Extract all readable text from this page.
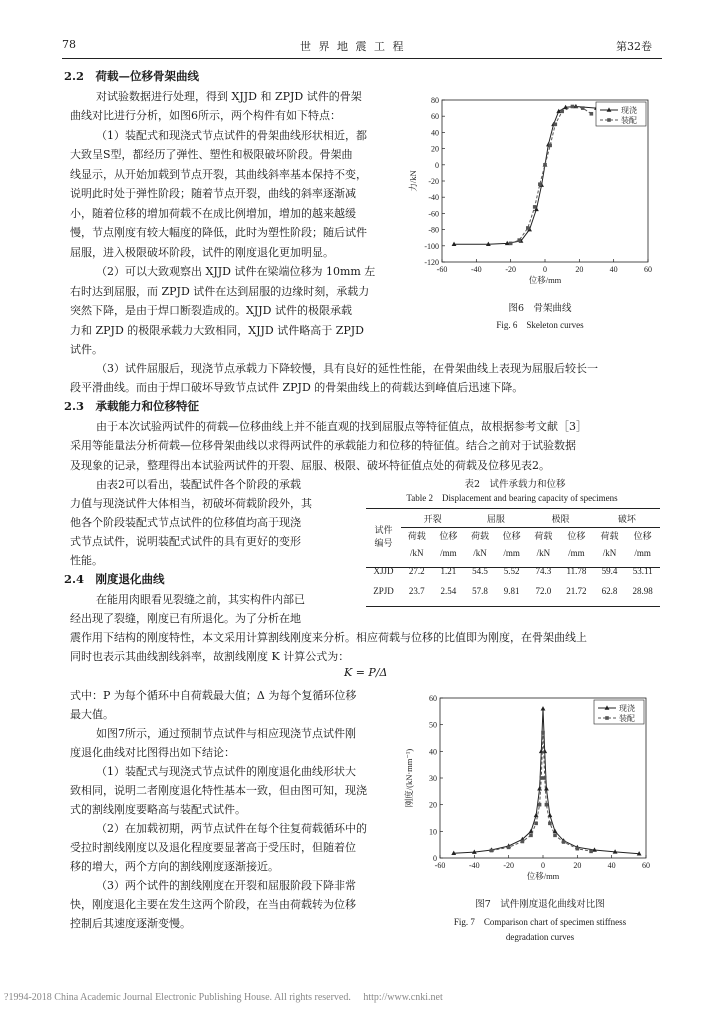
78	世 界 地 震 工 程	第32卷
2.2　荷载—位移骨架曲线
对试验数据进行处理，得到 XJJD 和 ZPJD 试件的骨架
曲线对比进行分析，如图6所示，两个构件有如下特点：
（1）装配式和现浇式节点试件的骨架曲线形状相近，都
大致呈S型，都经历了弹性、塑性和极限破坏阶段。骨架曲
线显示，从开始加载到节点开裂，其曲线斜率基本保持不变，
说明此时处于弹性阶段；随着节点开裂，曲线的斜率逐渐减
小，随着位移的增加荷载不在成比例增加，增加的越来越缓
慢，节点刚度有较大幅度的降低，此时为塑性阶段；随后试件
屈服，进入极限破坏阶段，试件的刚度退化更加明显。
（2）可以大致观察出 XJJD 试件在梁端位移为 10mm 左
右时达到屈服，而 ZPJD 试件在达到屈服的边缘时刻，承载力
突然下降，是由于焊口断裂造成的。XJJD 试件的极限承载
力和 ZPJD 的极限承载力大致相同，XJJD 试件略高于 ZPJD
试件。
（3）试件屈服后，现浇节点承载力下降较慢，具有良好的延性性能，在骨架曲线上表现为屈服后较长一
段平滑曲线。而由于焊口破坏导致节点试件 ZPJD 的骨架曲线上的荷载达到峰值后迅速下降。
-60	-40	-20	0	20	40	60
80
60
40
20
0
-20
-40
-60
-80
-100
-120
位移/mm
力/kN
现浇
装配
图6　骨架曲线
Fig. 6　Skeleton curves
2.3　承载能力和位移特征
由于本次试验两试件的荷载—位移曲线上并不能直观的找到屈服点等特征值点，故根据参考文献［3］
采用等能量法分析荷载—位移骨架曲线以求得两试件的承载能力和位移的特征值。结合之前对于试验数据
及现象的记录，整理得出本试验两试件的开裂、屈服、极限、破坏特征值点处的荷载及位移见表2。
由表2可以看出，装配试件各个阶段的承载
力值与现浇试件大体相当，初破坏荷载阶段外，其
他各个阶段装配式节点试件的位移值均高于现浇
式节点试件，说明装配式试件的具有更好的变形
性能。
表2　试件承载力和位移
Table 2　Displacement and bearing capacity of specimens
试件
编号	开裂		屈服		极限		破坏	
	荷载	位移	荷载	位移	荷载	位移	荷载	位移
	/kN	/mm	/kN	/mm	/kN	/mm	/kN	/mm
XJJD	27.2	1.21	54.5	5.52	74.3	11.78	59.4	53.11
ZPJD	23.7	2.54	57.8	9.81	72.0	21.72	62.8	28.98
2.4　刚度退化曲线
在能用肉眼看见裂缝之前，其实构件内部已
经出现了裂缝，刚度已有所退化。为了分析在地
震作用下结构的刚度特性，本文采用计算割线刚度来分析。相应荷载与位移的比值即为刚度，在骨架曲线上
同时也表示其曲线割线斜率，故割线刚度 K 计算公式为：
K = P/Δ
式中：P 为每个循环中自荷载最大值；Δ 为每个复循环位移
最大值。
如图7所示，通过预制节点试件与相应现浇节点试件刚
度退化曲线对比图得出如下结论：
（1）装配式与现浇式节点试件的刚度退化曲线形状大
致相同，说明二者刚度退化特性基本一致，但由图可知，现浇
式的割线刚度要略高与装配式试件。
（2）在加载初期，两节点试件在每个往复荷载循环中的
受拉时割线刚度以及退化程度要显著高于受压时，但随着位
移的增大，两个方向的割线刚度逐渐接近。
（3）两个试件的割线刚度在开裂和屈服阶段下降非常
快，刚度退化主要在发生这两个阶段，在当由荷载转为位移
控制后其速度逐渐变慢。
-60	-40	-20	0	20	40	60
60
50
40
30
20
10
0
位移/mm
刚度/(kN·mm⁻¹)
现浇
装配
图7　试件刚度退化曲线对比图
Fig. 7　Comparison chart of specimen stiffness
degradation curves
?1994-2018 China Academic Journal Electronic Publishing House. All rights reserved.　 http://www.cnki.net
